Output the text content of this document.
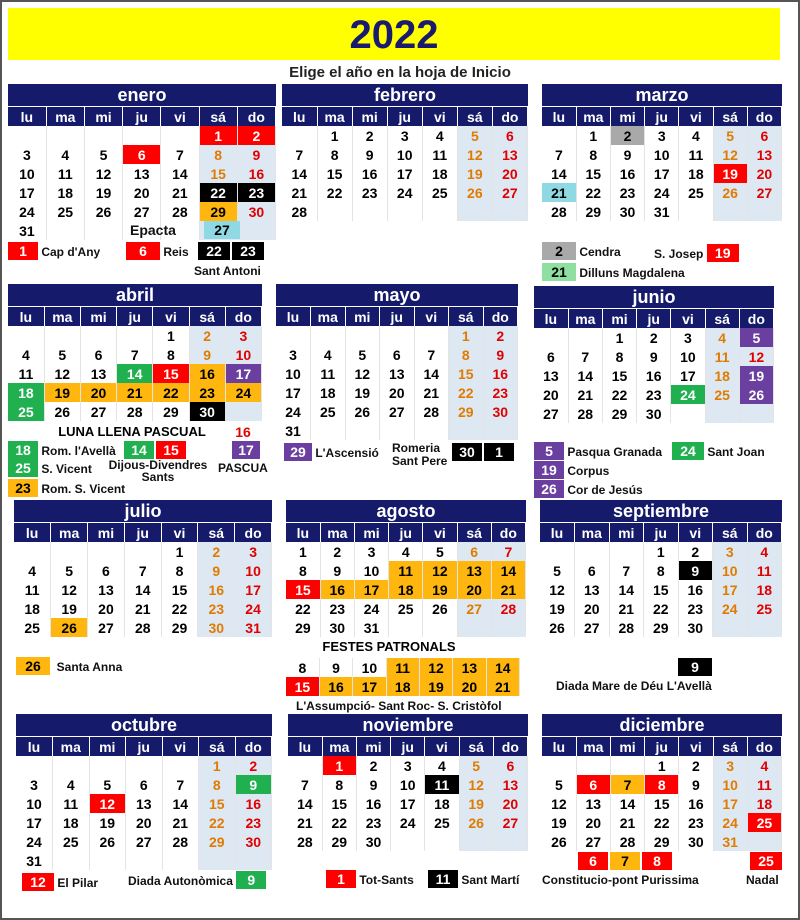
2022
Elige el año en la hoja de Inicio
enero
lu	ma	mi	ju	vi	sá	do
					1	2
3	4	5	6	7	8	9
10	11	12	13	14	15	16
17	18	19	20	21	22	23
24	25	26	27	28	29	30
31						
febrero
lu	ma	mi	ju	vi	sá	do
	1	2	3	4	5	6
7	8	9	10	11	12	13
14	15	16	17	18	19	20
21	22	23	24	25	26	27
28						
marzo
lu	ma	mi	ju	vi	sá	do
	1	2	3	4	5	6
7	8	9	10	11	12	13
14	15	16	17	18	19	20
21	22	23	24	25	26	27
28	29	30	31			
abril
lu	ma	mi	ju	vi	sá	do
				1	2	3
4	5	6	7	8	9	10
11	12	13	14	15	16	17
18	19	20	21	22	23	24
25	26	27	28	29	30	
mayo
lu	ma	mi	ju	vi	sá	do
					1	2
3	4	5	6	7	8	9
10	11	12	13	14	15	16
17	18	19	20	21	22	23
24	25	26	27	28	29	30
31						
junio
lu	ma	mi	ju	vi	sá	do
		1	2	3	4	5
6	7	8	9	10	11	12
13	14	15	16	17	18	19
20	21	22	23	24	25	26
27	28	29	30			
julio
lu	ma	mi	ju	vi	sá	do
				1	2	3
4	5	6	7	8	9	10
11	12	13	14	15	16	17
18	19	20	21	22	23	24
25	26	27	28	29	30	31
agosto
lu	ma	mi	ju	vi	sá	do
1	2	3	4	5	6	7
8	9	10	11	12	13	14
15	16	17	18	19	20	21
22	23	24	25	26	27	28
29	30	31				
septiembre
lu	ma	mi	ju	vi	sá	do
			1	2	3	4
5	6	7	8	9	10	11
12	13	14	15	16	17	18
19	20	21	22	23	24	25
26	27	28	29	30		
octubre
lu	ma	mi	ju	vi	sá	do
					1	2
3	4	5	6	7	8	9
10	11	12	13	14	15	16
17	18	19	20	21	22	23
24	25	26	27	28	29	30
31						
noviembre
lu	ma	mi	ju	vi	sá	do
	1	2	3	4	5	6
7	8	9	10	11	12	13
14	15	16	17	18	19	20
21	22	23	24	25	26	27
28	29	30				
diciembre
lu	ma	mi	ju	vi	sá	do
			1	2	3	4
5	6	7	8	9	10	11
12	13	14	15	16	17	18
19	20	21	22	23	24	25
26	27	28	29	30	31	
Epacta	27
1 Cap d'Any	6 Reis	22 23
Sant Antoni
2 Cendra	S. Josep 19
21 Dilluns Magdalena
LUNA LLENA PASCUAL	16
18 Rom. l'Avellà	14 15	17
25 S. Vicent	Dijous-Divendres Sants
PASCUA
23 Rom. S. Vicent
29 L'Ascensió Romeria
Sant Pere
30 1	5 Pasqua Granada	24 Sant Joan
19 Corpus
26 Cor de Jesús
26 Santa Anna
FESTES PATRONALS
8	9	10	11	12	13	14
15	16	17	18	19	20	21
L'Assumpció- Sant Roc- S. Cristòfol
9
Diada Mare de Déu L'Avellà
12 El Pilar Diada Autonòmica 9	1 Tot-Sants	11 Sant Martí
6 7 8	25
Constitucio-pont Purissima	Nadal
